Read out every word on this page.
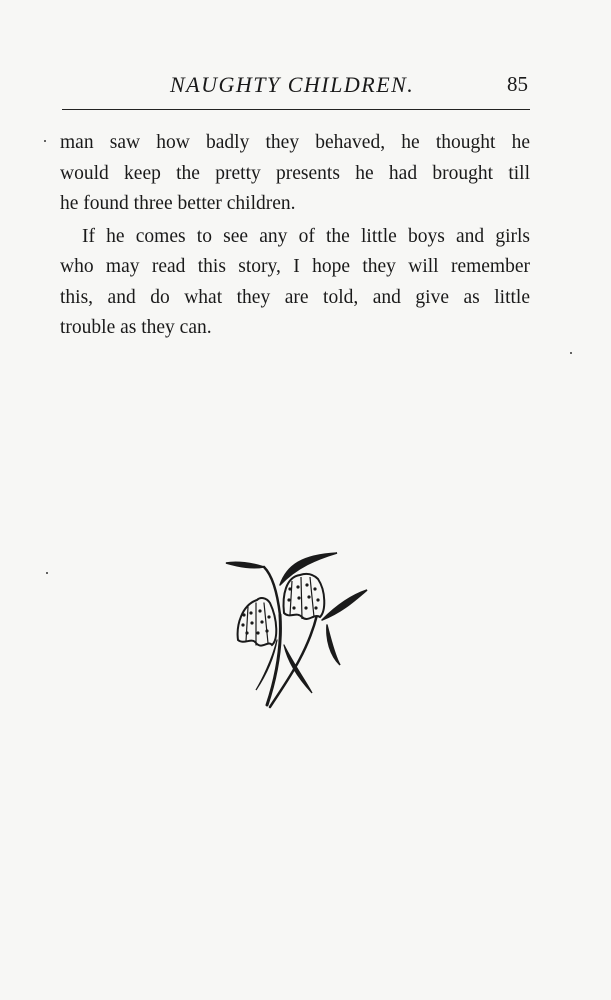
NAUGHTY CHILDREN.	85
man saw how badly they behaved, he thought he
would keep the pretty presents he had brought till
he found three better children.
If he comes to see any of the little boys and girls
who may read this story, I hope they will remember
this, and do what they are told, and give as little
trouble as they can.
